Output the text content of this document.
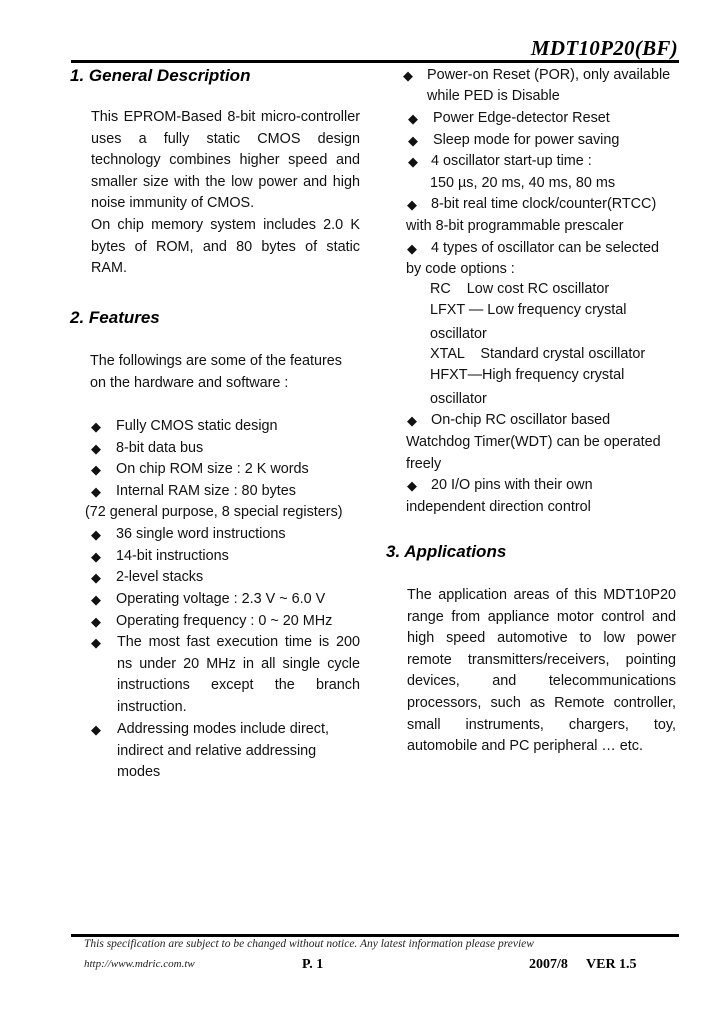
MDT10P20(BF)
1. General Description
This EPROM-Based 8-bit micro-controller
uses a fully static CMOS design
technology combines higher speed and
smaller size with the low power and high
noise immunity of CMOS.
On chip memory system includes 2.0 K
bytes of ROM, and 80 bytes of static
RAM.
2. Features
The followings are some of the features
on the hardware and software :
◆ Fully CMOS static design
◆ 8-bit data bus
◆ On chip ROM size : 2 K words
◆ Internal RAM size : 80 bytes
(72 general purpose, 8 special registers)
◆ 36 single word instructions
◆ 14-bit instructions
◆ 2-level stacks
◆ Operating voltage : 2.3 V ~ 6.0 V
◆ Operating frequency : 0 ~ 20 MHz
◆ The most fast execution time is 200
ns under 20 MHz in all single cycle
instructions except the branch
instruction.
◆ Addressing modes include direct,
indirect and relative addressing
modes
◆ Power-on Reset (POR), only available
while PED is Disable
◆ Power Edge-detector Reset
◆ Sleep mode for power saving
◆ 4 oscillator start-up time :
150 µs, 20 ms, 40 ms, 80 ms
◆ 8-bit real time clock/counter(RTCC)
with 8-bit programmable prescaler
◆ 4 types of oscillator can be selected
by code options :
RC    Low cost RC oscillator
LFXT — Low frequency crystal
oscillator
XTAL    Standard crystal oscillator
HFXT—High frequency crystal
oscillator
◆ On-chip RC oscillator based
Watchdog Timer(WDT) can be operated
freely
◆ 20 I/O pins with their own
independent direction control
3. Applications
The application areas of this MDT10P20
range from appliance motor control and
high speed automotive to low power
remote transmitters/receivers, pointing
devices, and telecommunications
processors, such as Remote controller,
small instruments, chargers, toy,
automobile and PC peripheral … etc.
This specification are subject to be changed without notice. Any latest information please preview
http://www.mdric.com.tw	P. 1	2007/8 VER 1.5
